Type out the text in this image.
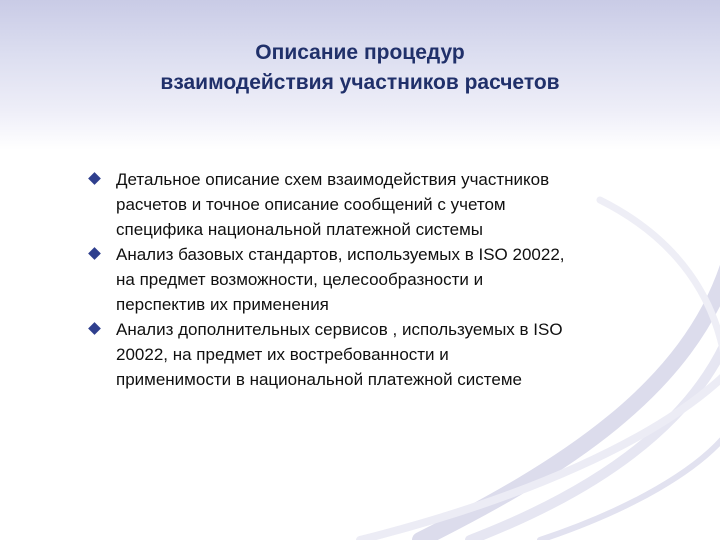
Описание процедур
взаимодействия участников расчетов
Детальное описание схем взаимодействия участников
расчетов и точное описание сообщений с учетом
специфика национальной платежной системы
Анализ базовых стандартов, используемых в ISO 20022,
на предмет возможности, целесообразности и
перспектив их применения
Анализ дополнительных сервисов , используемых в ISO
20022, на предмет их востребованности и
применимости в национальной платежной системе
